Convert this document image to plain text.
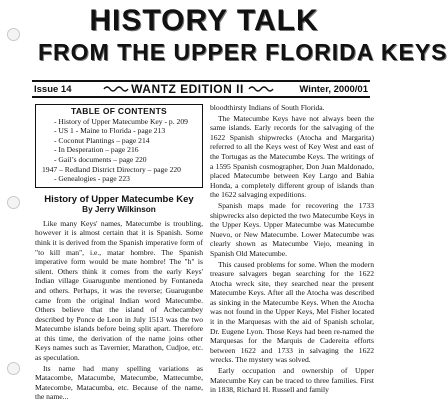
HISTORY TALK
FROM THE UPPER FLORIDA KEYS
Issue 14	WANTZ EDITION II	Winter, 2000/01
TABLE OF CONTENTS
- History of Upper Matecumbe Key - p. 209
- US 1 - Maine to Florida - page 213
- Coconut Plantings – page 214
- In Desperation – page 216
- Gail’s documents – page 220
1947 – Redland District Directory – page 220
- Genealogies - page 223
History of Upper Matecumbe Key
By Jerry Wilkinson

Like many Keys' names, Matecumbe is troubling, however it is almost certain that it is Spanish. Some think it is derived from the Spanish imperative form of "to kill man", i.e., matar hombre. The Spanish imperative form would be mate hombre! The "h" is silent. Others think it comes from the early Keys' Indian village Guarugunbe mentioned by Fontaneda and others. Perhaps, it was the reverse; Guarugunbe came from the original Indian word Matecumbe. Others believe that the island of Achecambey described by Ponce de Leon in July 1513 was the two Matecumbe islands before being split apart. Therefore at this time, the derivation of the name joins other Keys names such as Tavernier, Marathon, Cudjoe, etc. as speculation.

Its name had many spelling variations as Matacombe, Matacumbe, Matecumbe, Mattecumbe, Matecombe, Matacumba, etc. Because of the name, the name...

bloodthirsty Indians of South Florida.

The Matecumbe Keys have not always been the same islands. Early records for the salvaging of the 1622 Spanish shipwrecks (Atocha and Margarita) referred to all the Keys west of Key West and east of the Tortugas as the Matecumbe Keys. The writings of a 1595 Spanish cosmographer, Don Juan Maldonado, placed Matecumbe between Key Largo and Bahia Honda, a completely different group of islands than the 1622 salvaging expeditions.

Spanish maps made for recovering the 1733 shipwrecks also depicted the two Matecumbe Keys in the Upper Keys. Upper Matecumbe was Matecumbe Nuevo, or New Matecumbe. Lower Matecumbe was clearly shown as Matecumbe Viejo, meaning in Spanish Old Matecumbe.

This caused problems for some. When the modern treasure salvagers began searching for the 1622 Atocha wreck site, they searched near the present Matecumbe Keys. After all the Atocha was described as sinking in the Matecumbe Keys. When the Atocha was not found in the Upper Keys, Mel Fisher located it in the Marquesas with the aid of Spanish scholar, Dr. Eugene Lyon. Those Keys had been re-named the Marquesas for the Marquis de Cadereita efforts between 1622 and 1733 in salvaging the 1622 wrecks. The mystery was solved.

Early occupation and ownership of Upper Matecumbe Key can be traced to three families. First in 1838, Richard H. Russell and family
